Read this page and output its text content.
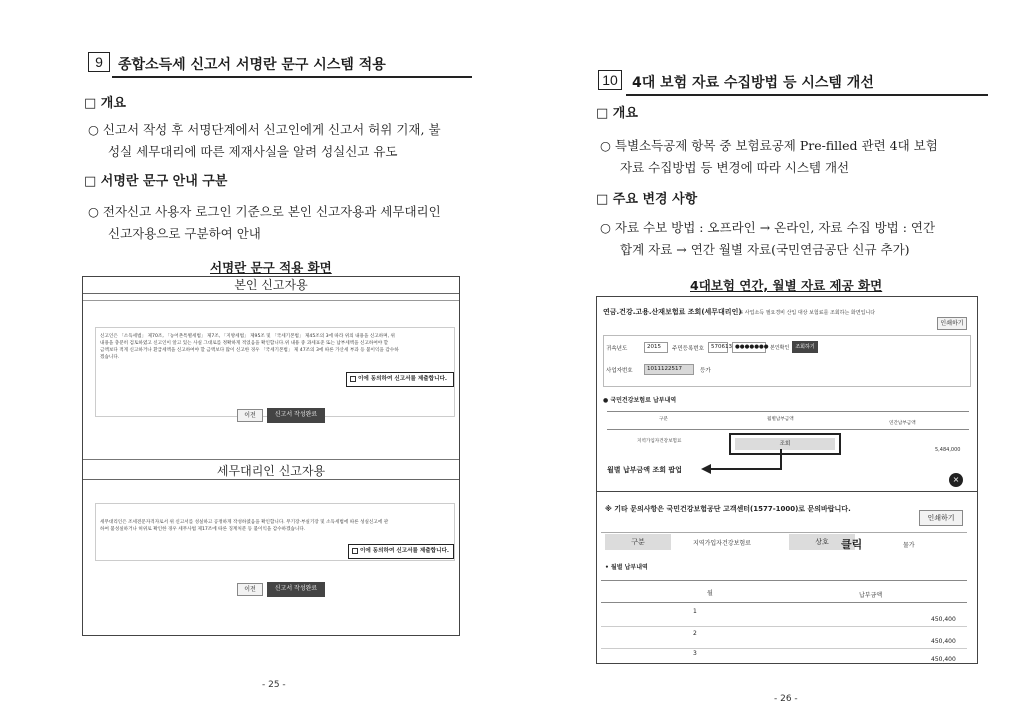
9	종합소득세 신고서 서명란 문구 시스템 적용
□ 개요
○ 신고서 작성 후 서명단계에서 신고인에게 신고서 허위 기재, 불
성실 세무대리에 따른 제재사실을 알려 성실신고 유도
□ 서명란 문구 안내 구분
○ 전자신고 사용자 로그인 기준으로 본인 신고자용과 세무대리인
신고자용으로 구분하여 안내
서명란 문구 적용 화면
본인 신고자용
신고인은 「소득세법」 제70조, 「농어촌특별세법」 제7조, 「지방세법」 제95조 및 「국세기본법」 제45조의 3에 따라 위의 내용을 신고하며, 위
내용을 충분히 검토하였고 신고인이 알고 있는 사실 그대로를 정확하게 적었음을 확인합니다.위 내용 중 과세표준 또는 납부세액을 신고하여야 할
금액보다 적게 신고하거나 환급세액을 신고하여야 할 금액보다 많이 신고한 경우 「국세기본법」 제 47조의 3에 따른 가산세 부과 등 불이익을 감수하
겠습니다.
이에 동의하여 신고서를 제출합니다.
이전	신고서 작성완료
세무대리인 신고자용
세무대리인은 조세전문자격자로서 위 신고서를 성실하고 공정하게 작성하였음을 확인합니다. 무기장·부실기장 및 소득세법에 따른 성실신고에 관
하여 불성실하거나 허위로 확인한 경우 세무사법 제17조에 따른 징계처분 등 불이익을 감수하겠습니다.
이에 동의하여 신고서를 제출합니다.
이전	신고서 작성완료
- 25 -
10	4대 보험 자료 수집방법 등 시스템 개선
□ 개요
○ 특별소득공제 항목 중 보험료공제 Pre-filled 관련 4대 보험
자료 수집방법 등 변경에 따라 시스템 개선
□ 주요 변경 사항
○ 자료 수보 방법 : 오프라인 → 온라인, 자료 수집 방법 : 연간
합계 자료 → 연간 월별 자료(국민연금공단 신규 추가)
4대보험 연간, 월별 자료 제공 화면
연금.건강.고용.산재보험료 조회(세무대리인)
※ 사업소득 필요경비 산입 대상 보험료를 조회하는 화면입니다
인쇄하기
귀속년도	2015	주민등록번호	570613 ●●●●●●● 본인확인	조회하기
사업자번호	1011122517	등가
● 국민건강보험료 납부내역
구분	월별납부금액
연간납부금액
지역가입자건강보험료	조회
5,484,000
월별 납부금액 조회 팝업
×
※ 기타 문의사항은 국민건강보험공단 고객센터(1577-1000)로 문의바랍니다.
인쇄하기
구분	지역가입자건강보험료	상호	클릭	물가
• 월별 납부내역
월	납부금액
1
450,400
2
450,400
3
450,400
- 26 -
